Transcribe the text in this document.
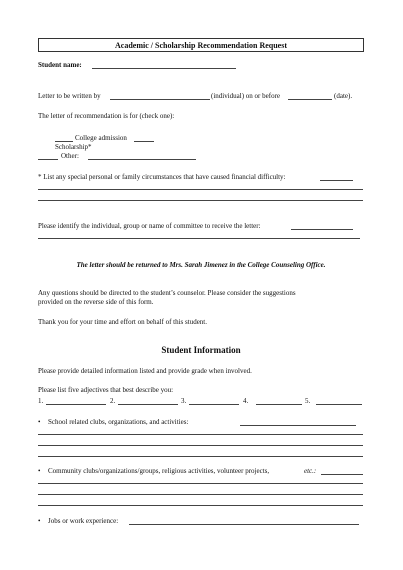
Academic / Scholarship Recommendation Request
Student name:
Letter to be written by	(individual) on or before	(date).
The letter of recommendation is for (check one):
College admission
Scholarship*
Other:
* List any special personal or family circumstances that have caused financial difficulty:
Please identify the individual, group or name of committee to receive the letter:
The letter should be returned to Mrs. Sarah Jimenez in the College Counseling Office.
Any questions should be directed to the student’s counselor. Please consider the suggestions
provided on the reverse side of this form.
Thank you for your time and effort on behalf of this student.
Student Information
Please provide detailed information listed and provide grade when involved.
Please list five adjectives that best describe you:
1.	2.	3.	4.	5.
• School related clubs, organizations, and activities:
• Community clubs/organizations/groups, religious activities, volunteer projects,	etc.:
• Jobs or work experience:
